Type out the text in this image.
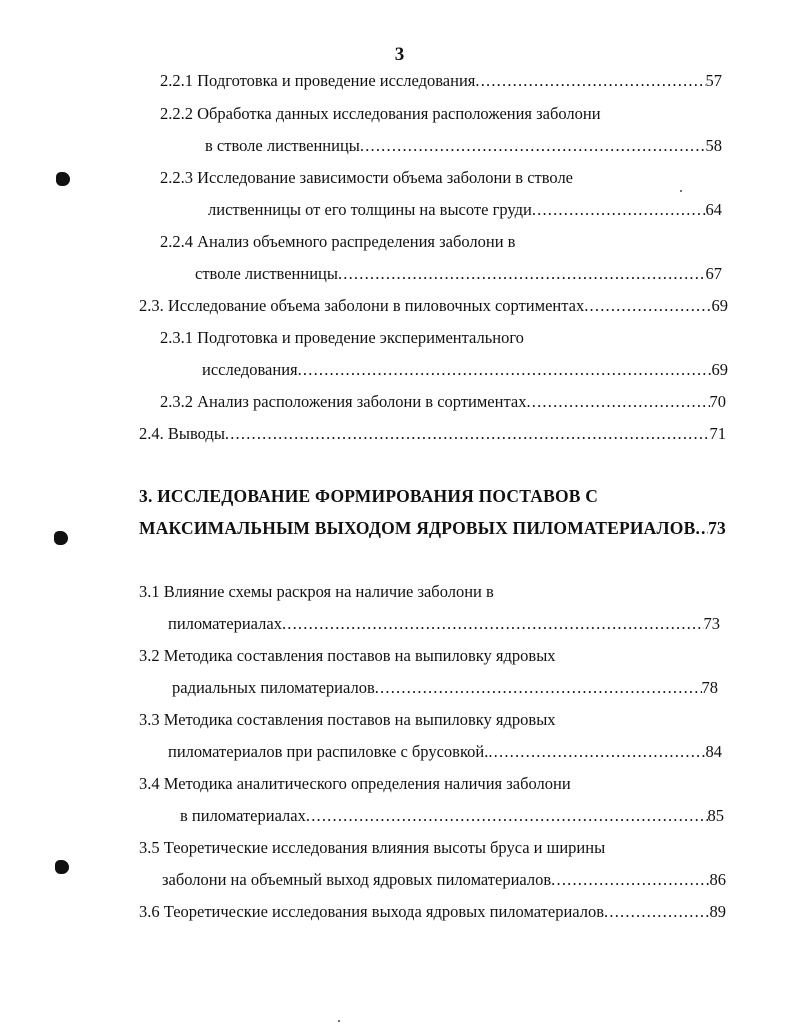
3
2.2.1 Подготовка и проведение исследования .....	57
2.2.2 Обработка данных исследования расположения заболони
в стволе лиственницы .....	58
2.2.3 Исследование зависимости объема заболони в стволе
лиственницы от его толщины на высоте груди .....	64
2.2.4 Анализ объемного распределения заболони в
стволе лиственницы .....	67
2.3. Исследование объема заболони в пиловочных сортиментах .....	69
2.3.1 Подготовка и проведение экспериментального
исследования .....	69
2.3.2 Анализ расположения заболони в сортиментах .....	70
2.4. Выводы .....	71
3. ИССЛЕДОВАНИЕ ФОРМИРОВАНИЯ ПОСТАВОВ С
МАКСИМАЛЬНЫМ ВЫХОДОМ ЯДРОВЫХ ПИЛОМАТЕРИАЛОВ ..... 73
3.1 Влияние схемы раскроя на наличие заболони в
пиломатериалах .....	73
3.2 Методика составления поставов на выпиловку ядровых
радиальных пиломатериалов .....	78
3.3 Методика составления поставов на выпиловку ядровых
пиломатериалов при распиловке с брусовкой. .....	84
3.4 Методика аналитического определения наличия заболони
в пиломатериалах .....	85
3.5 Теоретические исследования влияния высоты бруса и ширины
заболони на объемный выход ядровых пиломатериалов .....	86
3.6 Теоретические исследования выхода ядровых пиломатериалов .....	89
